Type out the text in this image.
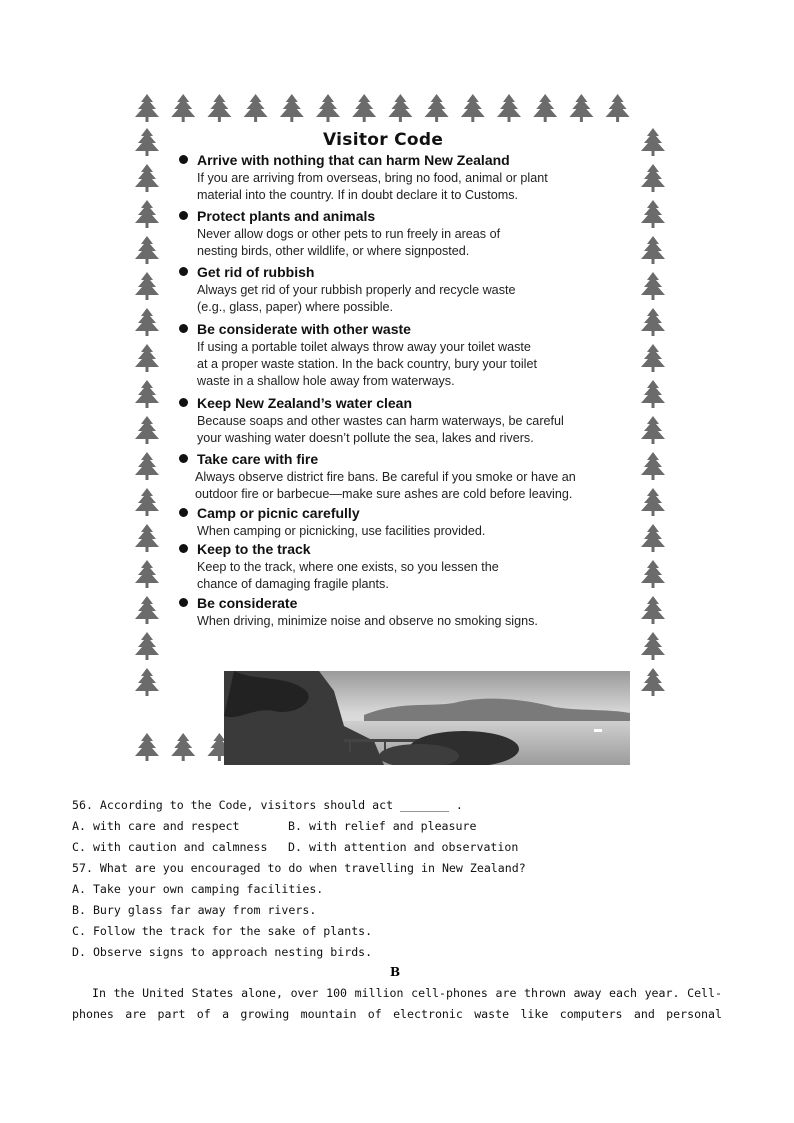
Visitor Code
Arrive with nothing that can harm New Zealand
If you are arriving from overseas, bring no food, animal or plant
material into the country. If in doubt declare it to Customs.
Protect plants and animals
Never allow dogs or other pets to run freely in areas of
nesting birds, other wildlife, or where signposted.
Get rid of rubbish
Always get rid of your rubbish properly and recycle waste
(e.g., glass, paper) where possible.
Be considerate with other waste
If using a portable toilet always throw away your toilet waste
at a proper waste station. In the back country, bury your toilet
waste in a shallow hole away from waterways.
Keep New Zealand’s water clean
Because soaps and other wastes can harm waterways, be careful
your washing water doesn’t pollute the sea, lakes and rivers.
Take care with fire
Always observe district fire bans. Be careful if you smoke or have an
outdoor fire or barbecue—make sure ashes are cold before leaving.
Camp or picnic carefully
When camping or picnicking, use facilities provided.
Keep to the track
Keep to the track, where one exists, so you lessen the
chance of damaging fragile plants.
Be considerate
When driving, minimize noise and observe no smoking signs.
56. According to the Code, visitors should act _______ .
A. with care and respect	B. with relief and pleasure
C. with caution and calmness D. with attention and observation
57. What are you encouraged to do when travelling in New Zealand?
A. Take your own camping facilities.
B. Bury glass far away from rivers.
C. Follow the track for the sake of plants.
D. Observe signs to approach nesting birds.
B
In the United States alone, over 100 million cell-phones are thrown away each year. Cell-
phones are part of a growing mountain of electronic waste like computers and personal
